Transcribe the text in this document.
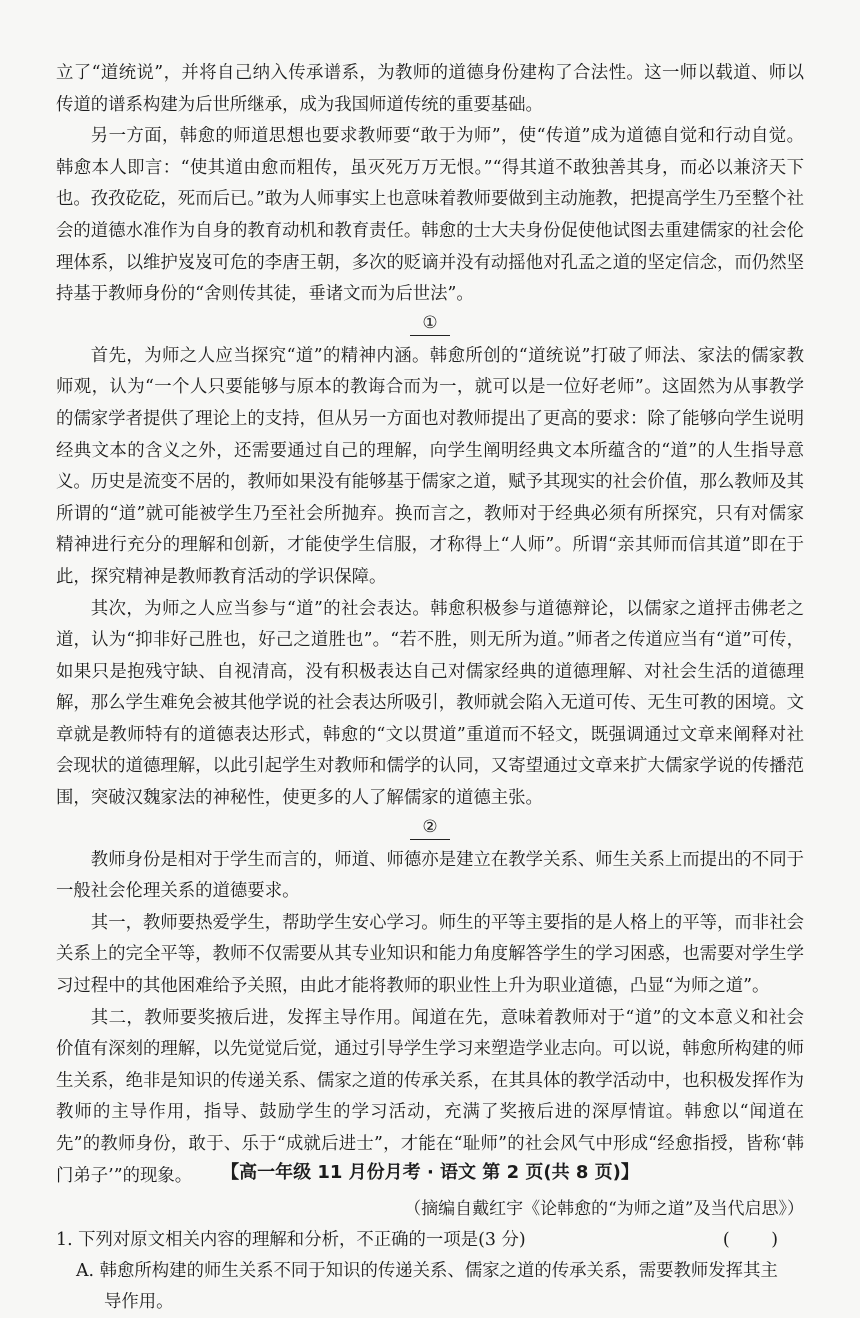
立了“道统说”，并将自己纳入传承谱系，为教师的道德身份建构了合法性。这一师以载道、师以传道的谱系构建为后世所继承，成为我国师道传统的重要基础。

另一方面，韩愈的师道思想也要求教师要“敢于为师”，使“传道”成为道德自觉和行动自觉。韩愈本人即言：“使其道由愈而粗传，虽灭死万万无恨。”“得其道不敢独善其身，而必以兼济天下也。孜孜矻矻，死而后已。”敢为人师事实上也意味着教师要做到主动施教，把提高学生乃至整个社会的道德水准作为自身的教育动机和教育责任。韩愈的士大夫身份促使他试图去重建儒家的社会伦理体系，以维护岌岌可危的李唐王朝，多次的贬谪并没有动摇他对孔孟之道的坚定信念，而仍然坚持基于教师身份的“舍则传其徒，垂诸文而为后世法”。

①

首先，为师之人应当探究“道”的精神内涵。韩愈所创的“道统说”打破了师法、家法的儒家教师观，认为“一个人只要能够与原本的教诲合而为一，就可以是一位好老师”。这固然为从事教学的儒家学者提供了理论上的支持，但从另一方面也对教师提出了更高的要求：除了能够向学生说明经典文本的含义之外，还需要通过自己的理解，向学生阐明经典文本所蕴含的“道”的人生指导意义。历史是流变不居的，教师如果没有能够基于儒家之道，赋予其现实的社会价值，那么教师及其所谓的“道”就可能被学生乃至社会所抛弃。换而言之，教师对于经典必须有所探究，只有对儒家精神进行充分的理解和创新，才能使学生信服，才称得上“人师”。所谓“亲其师而信其道”即在于此，探究精神是教师教育活动的学识保障。

其次，为师之人应当参与“道”的社会表达。韩愈积极参与道德辩论，以儒家之道抨击佛老之道，认为“抑非好己胜也，好己之道胜也”。“若不胜，则无所为道。”师者之传道应当有“道”可传，如果只是抱残守缺、自视清高，没有积极表达自己对儒家经典的道德理解、对社会生活的道德理解，那么学生难免会被其他学说的社会表达所吸引，教师就会陷入无道可传、无生可教的困境。文章就是教师特有的道德表达形式，韩愈的“文以贯道”重道而不轻文，既强调通过文章来阐释对社会现状的道德理解，以此引起学生对教师和儒学的认同，又寄望通过文章来扩大儒家学说的传播范围，突破汉魏家法的神秘性，使更多的人了解儒家的道德主张。

②

教师身份是相对于学生而言的，师道、师德亦是建立在教学关系、师生关系上而提出的不同于一般社会伦理关系的道德要求。

其一，教师要热爱学生，帮助学生安心学习。师生的平等主要指的是人格上的平等，而非社会关系上的完全平等，教师不仅需要从其专业知识和能力角度解答学生的学习困惑，也需要对学生学习过程中的其他困难给予关照，由此才能将教师的职业性上升为职业道德，凸显“为师之道”。

其二，教师要奖掖后进，发挥主导作用。闻道在先，意味着教师对于“道”的文本意义和社会价值有深刻的理解，以先觉觉后觉，通过引导学生学习来塑造学业志向。可以说，韩愈所构建的师生关系，绝非是知识的传递关系、儒家之道的传承关系，在其具体的教学活动中，也积极发挥作为教师的主导作用，指导、鼓励学生的学习活动，充满了奖掖后进的深厚情谊。韩愈以“闻道在先”的教师身份，敢于、乐于“成就后进士”，才能在“耻师”的社会风气中形成“经愈指授，皆称‘韩门弟子’”的现象。

（摘编自戴红宇《论韩愈的“为师之道”及当代启思》）

1. 下列对原文相关内容的理解和分析，不正确的一项是(3 分)	( )

A. 韩愈所构建的师生关系不同于知识的传递关系、儒家之道的传承关系，需要教师发挥其主
导作用。

【高一年级 11 月份月考 · 语文 第 2 页(共 8 页)】
